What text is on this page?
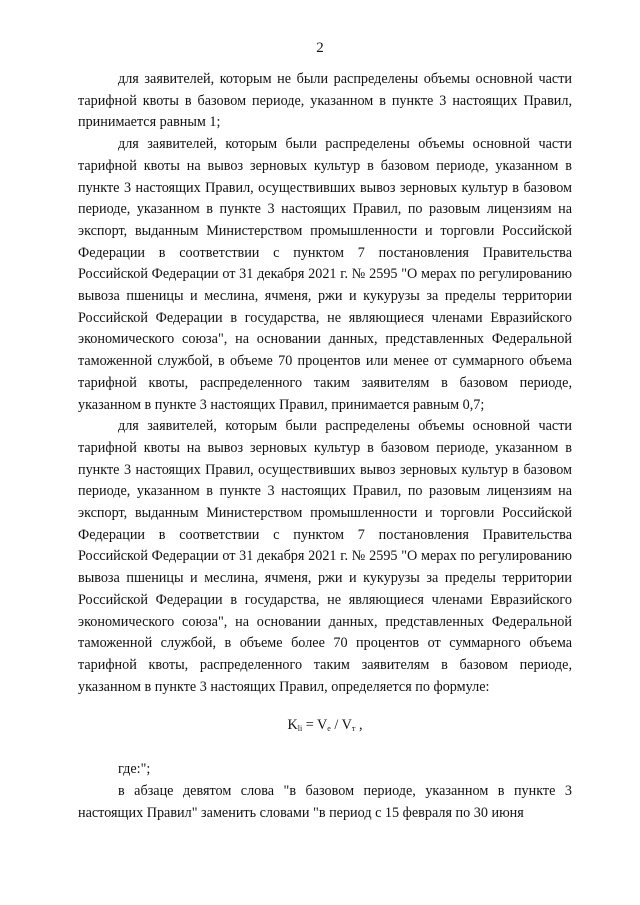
2

для заявителей, которым не были распределены объемы основной части тарифной квоты в базовом периоде, указанном в пункте 3 настоящих Правил, принимается равным 1;

для заявителей, которым были распределены объемы основной части тарифной квоты на вывоз зерновых культур в базовом периоде, указанном в пункте 3 настоящих Правил, осуществивших вывоз зерновых культур в базовом периоде, указанном в пункте 3 настоящих Правил, по разовым лицензиям на экспорт, выданным Министерством промышленности и торговли Российской Федерации в соответствии с пунктом 7 постановления Правительства Российской Федерации от 31 декабря 2021 г. № 2595 "О мерах по регулированию вывоза пшеницы и меслина, ячменя, ржи и кукурузы за пределы территории Российской Федерации в государства, не являющиеся членами Евразийского экономического союза", на основании данных, представленных Федеральной таможенной службой, в объеме 70 процентов или менее от суммарного объема тарифной квоты, распределенного таким заявителям в базовом периоде, указанном в пункте 3 настоящих Правил, принимается равным 0,7;

для заявителей, которым были распределены объемы основной части тарифной квоты на вывоз зерновых культур в базовом периоде, указанном в пункте 3 настоящих Правил, осуществивших вывоз зерновых культур в базовом периоде, указанном в пункте 3 настоящих Правил, по разовым лицензиям на экспорт, выданным Министерством промышленности и торговли Российской Федерации в соответствии с пунктом 7 постановления Правительства Российской Федерации от 31 декабря 2021 г. № 2595 "О мерах по регулированию вывоза пшеницы и меслина, ячменя, ржи и кукурузы за пределы территории Российской Федерации в государства, не являющиеся членами Евразийского экономического союза", на основании данных, представленных Федеральной таможенной службой, в объеме более 70 процентов от суммарного объема тарифной квоты, распределенного таким заявителям в базовом периоде, указанном в пункте 3 настоящих Правил, определяется по формуле:

$K_{li} = V_e / V_т$ ,

где:";

в абзаце девятом слова "в базовом периоде, указанном в пункте 3 настоящих Правил" заменить словами "в период с 15 февраля по 30 июня
